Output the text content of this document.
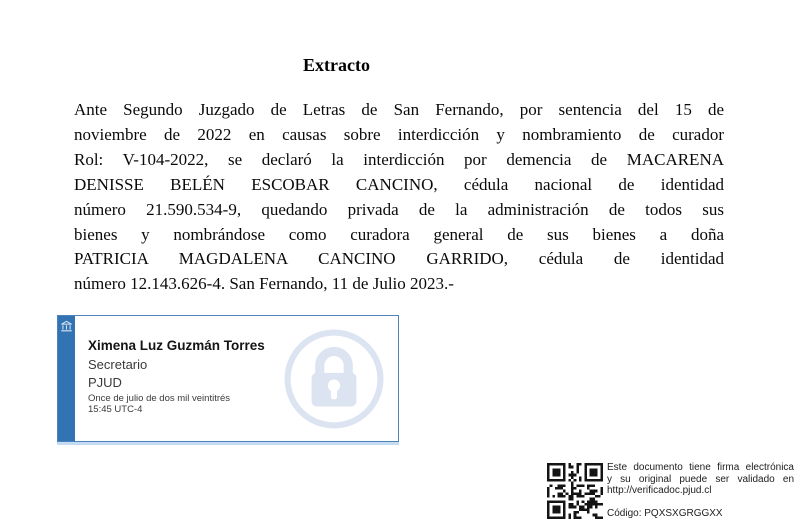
Extracto
Ante Segundo Juzgado de Letras de San Fernando, por sentencia del 15 de
noviembre de 2022 en causas sobre interdicción y nombramiento de curador
Rol: V-104-2022, se declaró la interdicción por demencia de MACARENA
DENISSE BELÉN ESCOBAR CANCINO, cédula nacional de identidad
número 21.590.534-9, quedando privada de la administración de todos sus
bienes y nombrándose como curadora general de sus bienes a doña
PATRICIA MAGDALENA CANCINO GARRIDO, cédula de identidad
número 12.143.626-4. San Fernando, 11 de Julio 2023.-
Ximena Luz Guzmán Torres
Secretario
PJUD
Once de julio de dos mil veintitrés
15:45 UTC-4
Este documento tiene firma electrónica
y su original puede ser validado en
http://verificadoc.pjud.cl
Código: PQXSXGRGGXX
